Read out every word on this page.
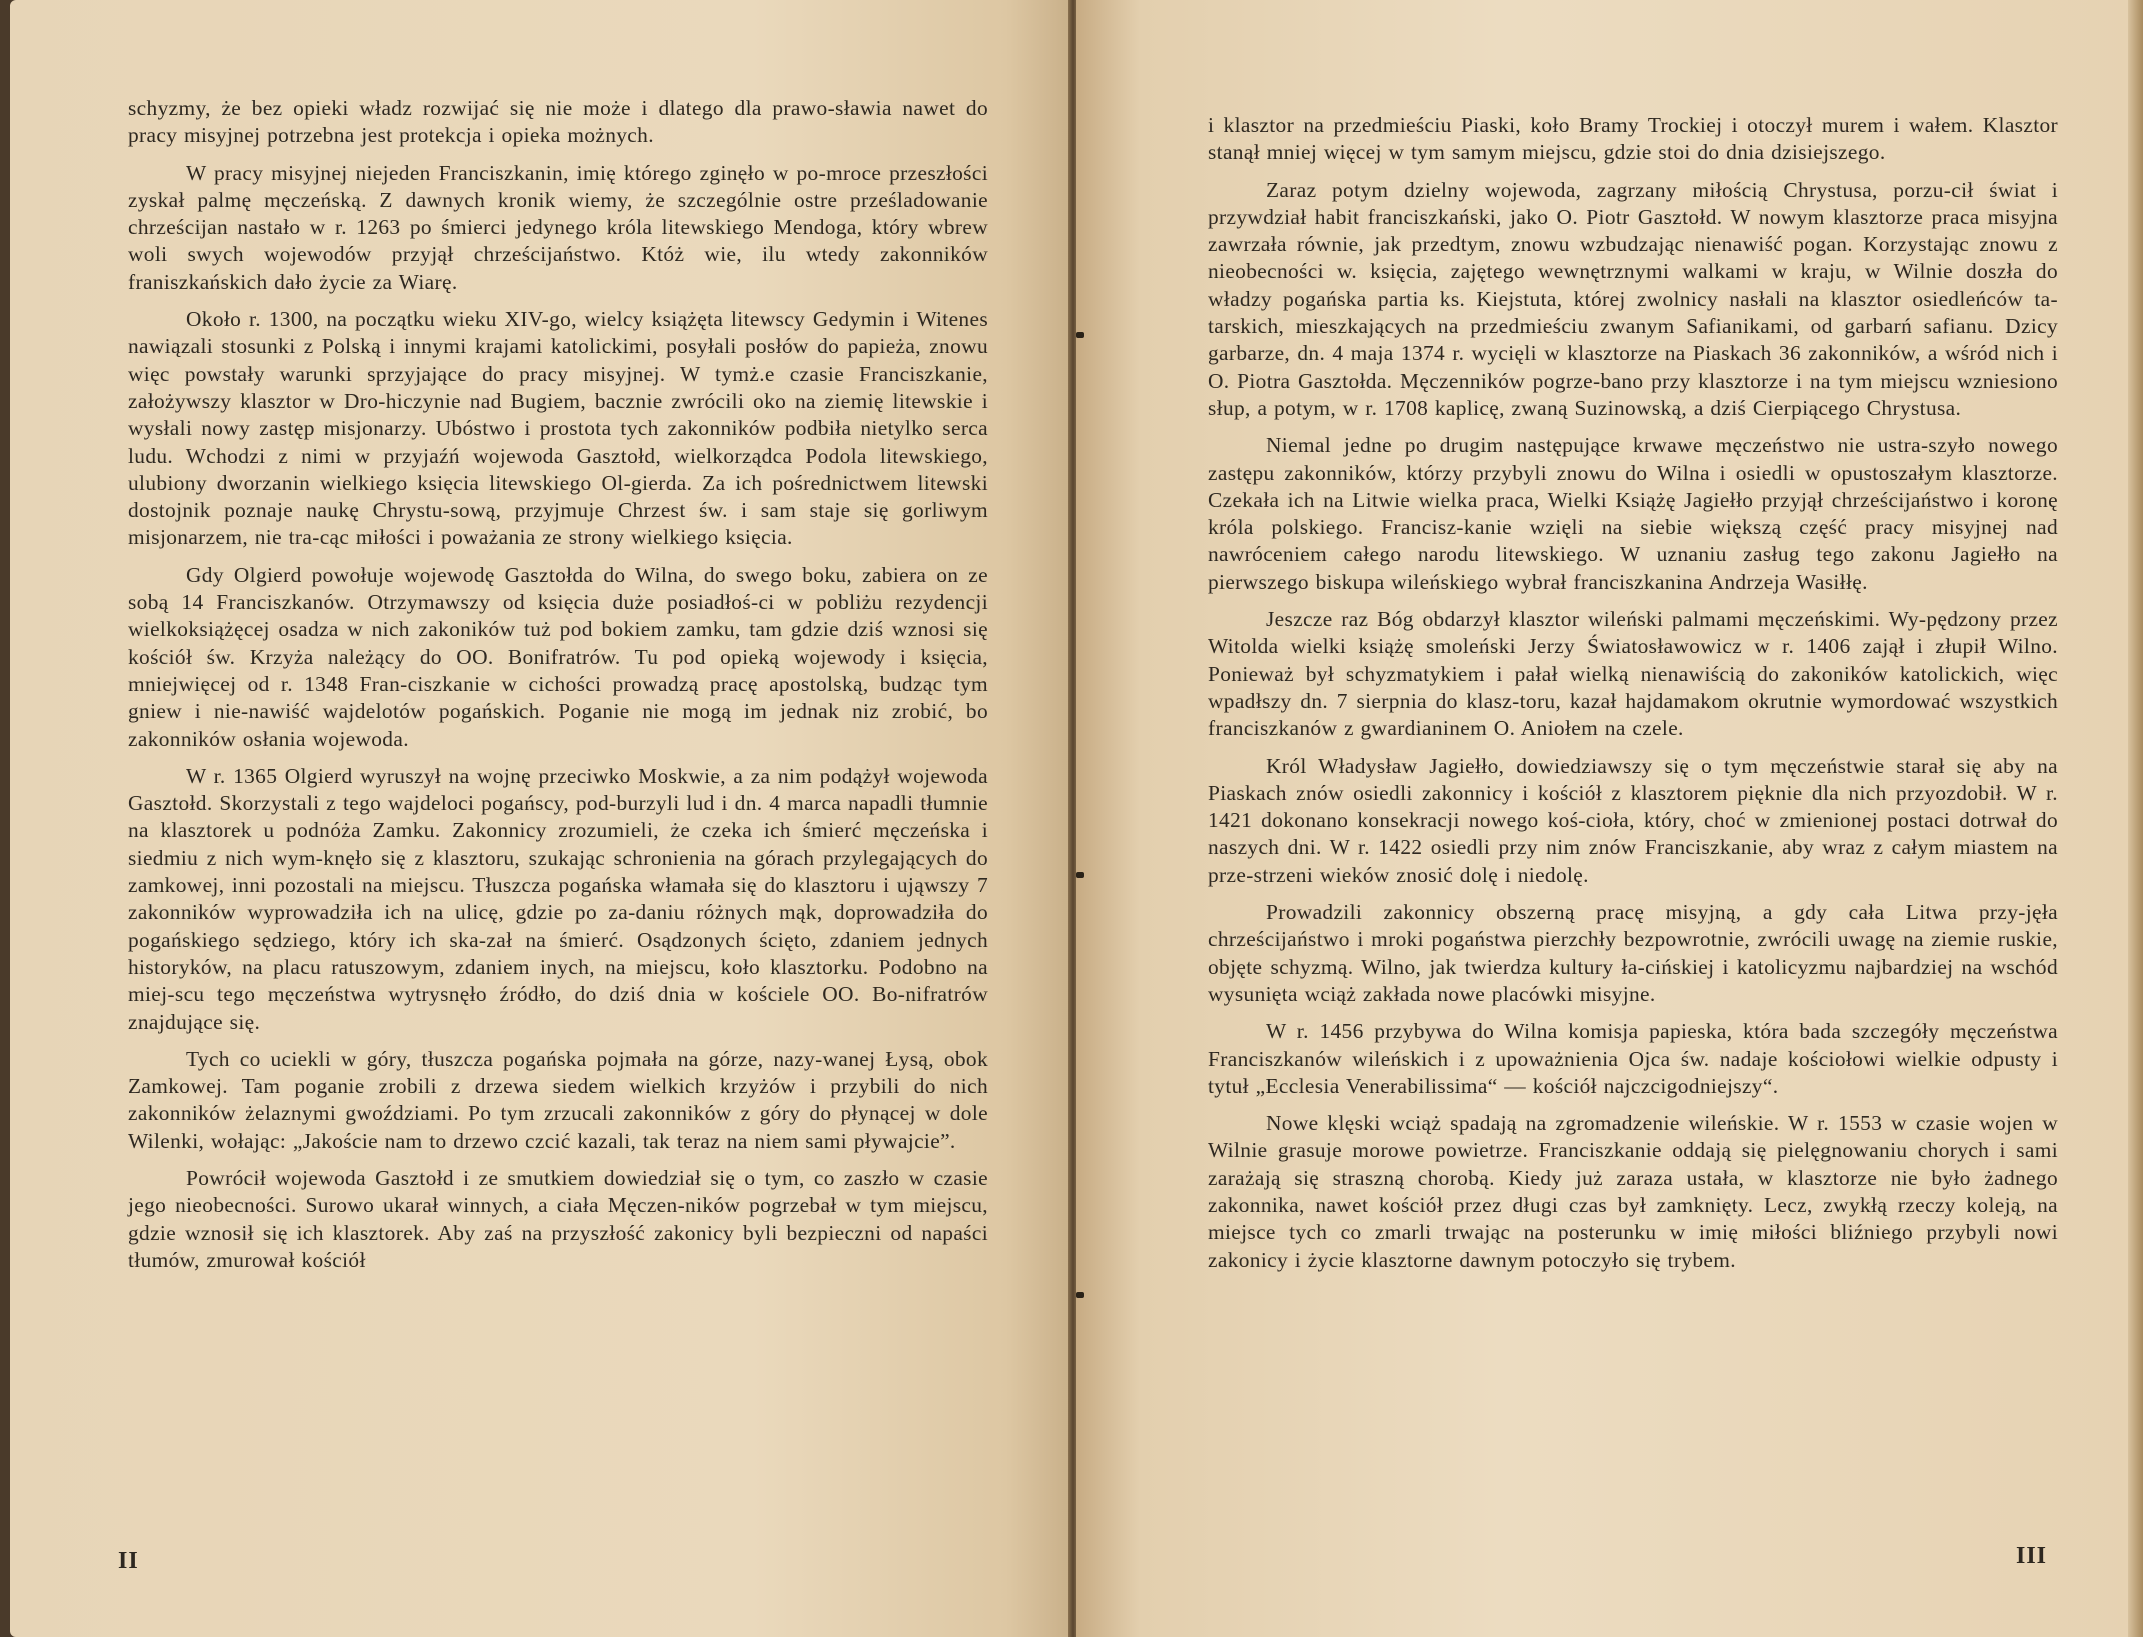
schyzmy, że bez opieki władz rozwijać się nie może i dlatego dla prawo-sławia nawet do pracy misyjnej potrzebna jest protekcja i opieka możnych.

W pracy misyjnej niejeden Franciszkanin, imię którego zginęło w po-mroce przeszłości zyskał palmę męczeńską. Z dawnych kronik wiemy, że szczególnie ostre prześladowanie chrześcijan nastało w r. 1263 po śmierci jedynego króla litewskiego Mendoga, który wbrew woli swych wojewodów przyjął chrześcijaństwo. Któż wie, ilu wtedy zakonników franiszkańskich dało życie za Wiarę.

Około r. 1300, na początku wieku XIV-go, wielcy książęta litewscy Gedymin i Witenes nawiązali stosunki z Polską i innymi krajami katolickimi, posyłali posłów do papieża, znowu więc powstały warunki sprzyjające do pracy misyjnej. W tymż.e czasie Franciszkanie, założywszy klasztor w Dro-hiczynie nad Bugiem, bacznie zwrócili oko na ziemię litewskie i wysłali nowy zastęp misjonarzy. Ubóstwo i prostota tych zakonników podbiła nietylko serca ludu. Wchodzi z nimi w przyjaźń wojewoda Gasztołd, wielkorządca Podola litewskiego, ulubiony dworzanin wielkiego księcia litewskiego Ol-gierda. Za ich pośrednictwem litewski dostojnik poznaje naukę Chrystu-sową, przyjmuje Chrzest św. i sam staje się gorliwym misjonarzem, nie tra-cąc miłości i poważania ze strony wielkiego księcia.

Gdy Olgierd powołuje wojewodę Gasztołda do Wilna, do swego boku, zabiera on ze sobą 14 Franciszkanów. Otrzymawszy od księcia duże posiadłoś-ci w pobliżu rezydencji wielkoksiążęcej osadza w nich zakoników tuż pod bokiem zamku, tam gdzie dziś wznosi się kościół św. Krzyża należący do OO. Bonifratrów. Tu pod opieką wojewody i księcia, mniejwięcej od r. 1348 Fran-ciszkanie w cichości prowadzą pracę apostolską, budząc tym gniew i nie-nawiść wajdelotów pogańskich. Poganie nie mogą im jednak niz zrobić, bo zakonników osłania wojewoda.

W r. 1365 Olgierd wyruszył na wojnę przeciwko Moskwie, a za nim podążył wojewoda Gasztołd. Skorzystali z tego wajdeloci pogańscy, pod-burzyli lud i dn. 4 marca napadli tłumnie na klasztorek u podnóża Zamku. Zakonnicy zrozumieli, że czeka ich śmierć męczeńska i siedmiu z nich wym-knęło się z klasztoru, szukając schronienia na górach przylegających do zamkowej, inni pozostali na miejscu. Tłuszcza pogańska włamała się do klasztoru i ująwszy 7 zakonników wyprowadziła ich na ulicę, gdzie po za-daniu różnych mąk, doprowadziła do pogańskiego sędziego, który ich ska-zał na śmierć. Osądzonych ścięto, zdaniem jednych historyków, na placu ratuszowym, zdaniem inych, na miejscu, koło klasztorku. Podobno na miej-scu tego męczeństwa wytrysnęło źródło, do dziś dnia w kościele OO. Bo-nifratrów znajdujące się.

Tych co uciekli w góry, tłuszcza pogańska pojmała na górze, nazy-wanej Łysą, obok Zamkowej. Tam poganie zrobili z drzewa siedem wielkich krzyżów i przybili do nich zakonników żelaznymi gwoździami. Po tym zrzucali zakonników z góry do płynącej w dole Wilenki, wołając: „Jakoście nam to drzewo czcić kazali, tak teraz na niem sami pływajcie”.

Powrócił wojewoda Gasztołd i ze smutkiem dowiedział się o tym, co zaszło w czasie jego nieobecności. Surowo ukarał winnych, a ciała Męczen-ników pogrzebał w tym miejscu, gdzie wznosił się ich klasztorek. Aby zaś na przyszłość zakonicy byli bezpieczni od napaści tłumów, zmurował kościół

II

i klasztor na przedmieściu Piaski, koło Bramy Trockiej i otoczył murem i wałem. Klasztor stanął mniej więcej w tym samym miejscu, gdzie stoi do dnia dzisiejszego.

Zaraz potym dzielny wojewoda, zagrzany miłością Chrystusa, porzu-cił świat i przywdział habit franciszkański, jako O. Piotr Gasztołd. W nowym klasztorze praca misyjna zawrzała równie, jak przedtym, znowu wzbudzając nienawiść pogan. Korzystając znowu z nieobecności w. księcia, zajętego wewnętrznymi walkami w kraju, w Wilnie doszła do władzy pogańska partia ks. Kiejstuta, której zwolnicy nasłali na klasztor osiedleńców ta-tarskich, mieszkających na przedmieściu zwanym Safianikami, od garbarń safianu. Dzicy garbarze, dn. 4 maja 1374 r. wycięli w klasztorze na Piaskach 36 zakonników, a wśród nich i O. Piotra Gasztołda. Męczenników pogrze-bano przy klasztorze i na tym miejscu wzniesiono słup, a potym, w r. 1708 kaplicę, zwaną Suzinowską, a dziś Cierpiącego Chrystusa.

Niemal jedne po drugim następujące krwawe męczeństwo nie ustra-szyło nowego zastępu zakonników, którzy przybyli znowu do Wilna i osiedli w opustoszałym klasztorze. Czekała ich na Litwie wielka praca, Wielki Książę Jagiełło przyjął chrześcijaństwo i koronę króla polskiego. Francisz-kanie wzięli na siebie większą część pracy misyjnej nad nawróceniem całego narodu litewskiego. W uznaniu zasług tego zakonu Jagiełło na pierwszego biskupa wileńskiego wybrał franciszkanina Andrzeja Wasiłłę.

Jeszcze raz Bóg obdarzył klasztor wileński palmami męczeńskimi. Wy-pędzony przez Witolda wielki książę smoleński Jerzy Światosławowicz w r. 1406 zajął i złupił Wilno. Ponieważ był schyzmatykiem i pałał wielką nienawiścią do zakoników katolickich, więc wpadłszy dn. 7 sierpnia do klasz-toru, kazał hajdamakom okrutnie wymordować wszystkich franciszkanów z gwardianinem O. Aniołem na czele.

Król Władysław Jagiełło, dowiedziawszy się o tym męczeństwie starał się aby na Piaskach znów osiedli zakonnicy i kościół z klasztorem pięknie dla nich przyozdobił. W r. 1421 dokonano konsekracji nowego koś-cioła, który, choć w zmienionej postaci dotrwał do naszych dni. W r. 1422 osiedli przy nim znów Franciszkanie, aby wraz z całym miastem na prze-strzeni wieków znosić dolę i niedolę.

Prowadzili zakonnicy obszerną pracę misyjną, a gdy cała Litwa przy-jęła chrześcijaństwo i mroki pogaństwa pierzchły bezpowrotnie, zwrócili uwagę na ziemie ruskie, objęte schyzmą. Wilno, jak twierdza kultury ła-cińskiej i katolicyzmu najbardziej na wschód wysunięta wciąż zakłada nowe placówki misyjne.

W r. 1456 przybywa do Wilna komisja papieska, która bada szczegóły męczeństwa Franciszkanów wileńskich i z upoważnienia Ojca św. nadaje kościołowi wielkie odpusty i tytuł „Ecclesia Venerabilissima“ — kościół najczcigodniejszy“.

Nowe klęski wciąż spadają na zgromadzenie wileńskie. W r. 1553 w czasie wojen w Wilnie grasuje morowe powietrze. Franciszkanie oddają się pielęgnowaniu chorych i sami zarażają się straszną chorobą. Kiedy już zaraza ustała, w klasztorze nie było żadnego zakonnika, nawet kościół przez długi czas był zamknięty. Lecz, zwykłą rzeczy koleją, na miejsce tych co zmarli trwając na posterunku w imię miłości bliźniego przybyli nowi zakonicy i życie klasztorne dawnym potoczyło się trybem.

III
